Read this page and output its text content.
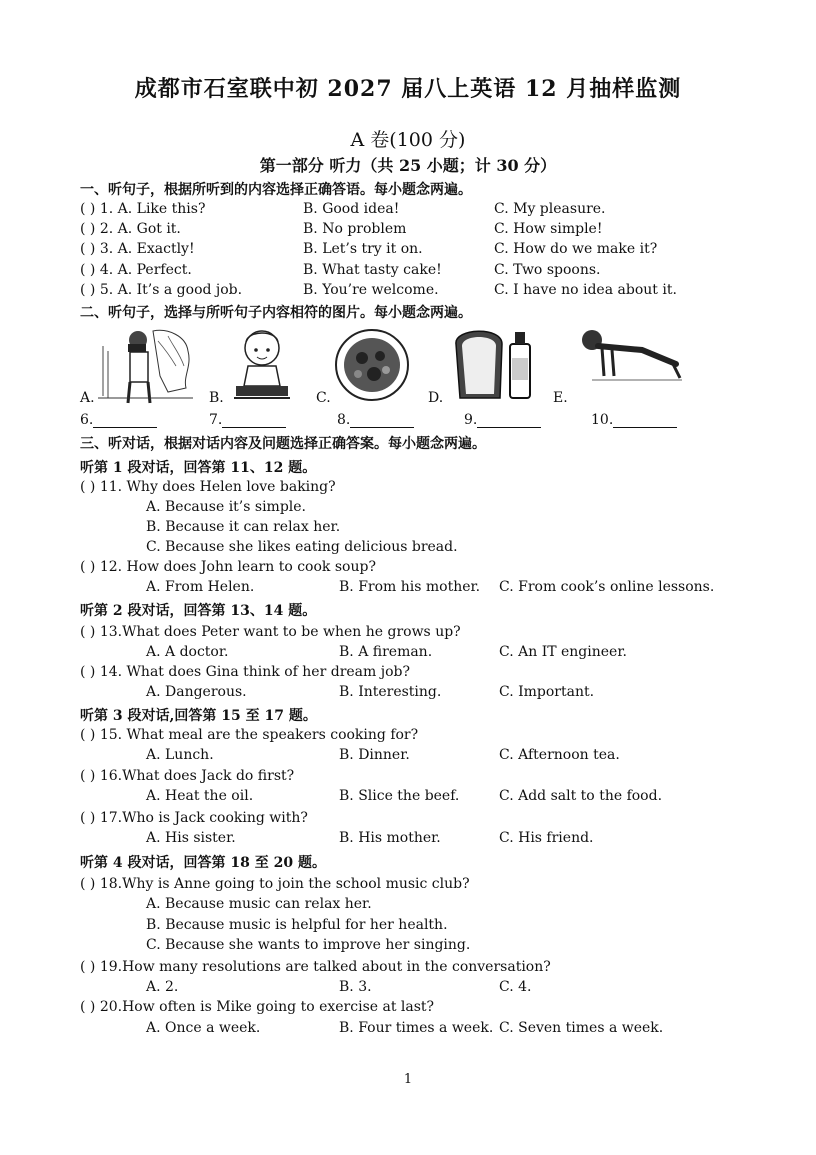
成都市石室联中初 2027 届八上英语 12 月抽样监测
A 卷(100 分)
第一部分 听力（共 25 小题；计 30 分）
一、听句子，根据所听到的内容选择正确答语。每小题念两遍。
( ) 1. A. Like this?	B. Good idea!	C. My pleasure.
( ) 2. A. Got it.	B. No problem	C. How simple!
( ) 3. A. Exactly!	B. Let’s try it on.	C. How do we make it?
( ) 4. A. Perfect.	B. What tasty cake!	C. Two spoons.
( ) 5. A. It’s a good job.	B. You’re welcome.	C. I have no idea about it.
二、听句子，选择与所听句子内容相符的图片。每小题念两遍。
A.	B.	C.	D.	E.
6.	7.	8.	9.	10.
三、听对话，根据对话内容及问题选择正确答案。每小题念两遍。
听第 1 段对话，回答第 11、12 题。
( ) 11. Why does Helen love baking?
A. Because it’s simple.
B. Because it can relax her.
C. Because she likes eating delicious bread.
( ) 12. How does John learn to cook soup?
A. From Helen.	B. From his mother. C. From cook’s online lessons.
听第 2 段对话，回答第 13、14 题。
( ) 13.What does Peter want to be when he grows up?
A. A doctor.	B. A fireman.	C. An IT engineer.
( ) 14. What does Gina think of her dream job?
A. Dangerous.	B. Interesting.	C. Important.
听第 3 段对话,回答第 15 至 17 题。
( ) 15. What meal are the speakers cooking for?
A. Lunch.	B. Dinner.	C. Afternoon tea.
( ) 16.What does Jack do first?
A. Heat the oil.	B. Slice the beef.	C. Add salt to the food.
( ) 17.Who is Jack cooking with?
A. His sister.	B. His mother.	C. His friend.
听第 4 段对话，回答第 18 至 20 题。
( ) 18.Why is Anne going to join the school music club?
A. Because music can relax her.
B. Because music is helpful for her health.
C. Because she wants to improve her singing.
( ) 19.How many resolutions are talked about in the conversation?
A. 2.	B. 3.	C. 4.
( ) 20.How often is Mike going to exercise at last?
A. Once a week.	B. Four times a week. C. Seven times a week.
1
